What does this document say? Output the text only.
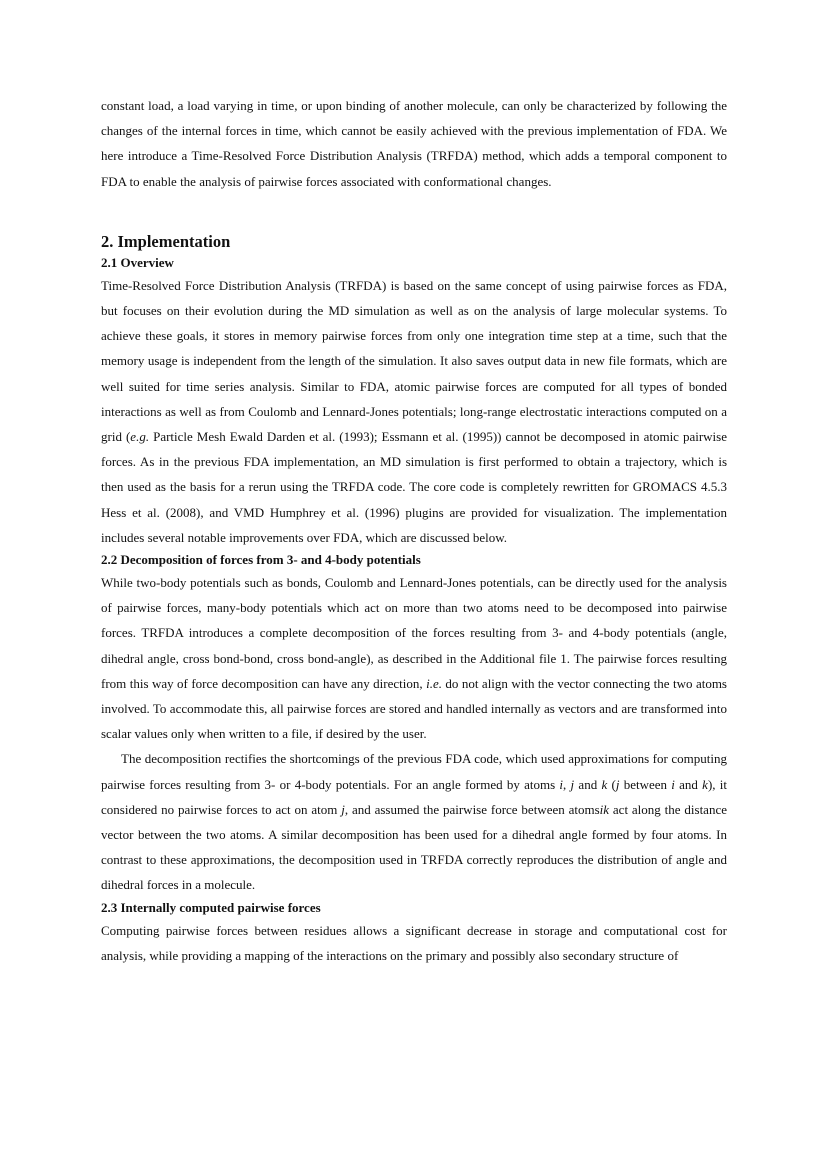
constant load, a load varying in time, or upon binding of another molecule, can only be characterized by following the changes of the internal forces in time, which cannot be easily achieved with the previous implementation of FDA. We here introduce a Time-Resolved Force Distribution Analysis (TRFDA) method, which adds a temporal component to FDA to enable the analysis of pairwise forces associated with conformational changes.

2. Implementation
2.1 Overview

Time-Resolved Force Distribution Analysis (TRFDA) is based on the same concept of using pairwise forces as FDA, but focuses on their evolution during the MD simulation as well as on the analysis of large molecular systems. To achieve these goals, it stores in memory pairwise forces from only one integration time step at a time, such that the memory usage is independent from the length of the simulation. It also saves output data in new file formats, which are well suited for time series analysis. Similar to FDA, atomic pairwise forces are computed for all types of bonded interactions as well as from Coulomb and Lennard-Jones potentials; long-range electrostatic interactions computed on a grid (e.g. Particle Mesh Ewald Darden et al. (1993); Essmann et al. (1995)) cannot be decomposed in atomic pairwise forces. As in the previous FDA implementation, an MD simulation is first performed to obtain a trajectory, which is then used as the basis for a rerun using the TRFDA code. The core code is completely rewritten for GROMACS 4.5.3 Hess et al. (2008), and VMD Humphrey et al. (1996) plugins are provided for visualization. The implementation includes several notable improvements over FDA, which are discussed below.

2.2 Decomposition of forces from 3- and 4-body potentials

While two-body potentials such as bonds, Coulomb and Lennard-Jones potentials, can be directly used for the analysis of pairwise forces, many-body potentials which act on more than two atoms need to be decomposed into pairwise forces. TRFDA introduces a complete decomposition of the forces resulting from 3- and 4-body potentials (angle, dihedral angle, cross bond-bond, cross bond-angle), as described in the Additional file 1. The pairwise forces resulting from this way of force decomposition can have any direction, i.e. do not align with the vector connecting the two atoms involved. To accommodate this, all pairwise forces are stored and handled internally as vectors and are transformed into scalar values only when written to a file, if desired by the user.

The decomposition rectifies the shortcomings of the previous FDA code, which used approximations for computing pairwise forces resulting from 3- or 4-body potentials. For an angle formed by atoms i, j and k (j between i and k), it considered no pairwise forces to act on atom j, and assumed the pairwise force between atomsik act along the distance vector between the two atoms. A similar decomposition has been used for a dihedral angle formed by four atoms. In contrast to these approximations, the decomposition used in TRFDA correctly reproduces the distribution of angle and dihedral forces in a molecule.

2.3 Internally computed pairwise forces

Computing pairwise forces between residues allows a significant decrease in storage and computational cost for analysis, while providing a mapping of the interactions on the primary and possibly also secondary structure of
